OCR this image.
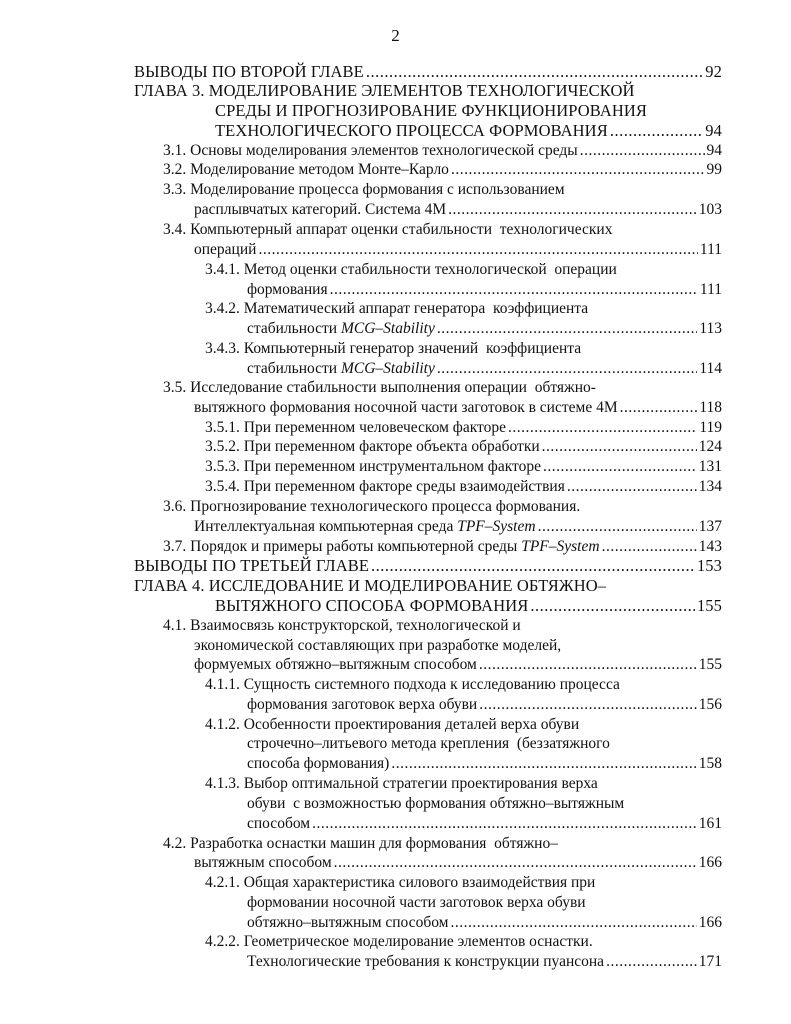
2
ВЫВОДЫ ПО ВТОРОЙ ГЛАВЕ .....	92
ГЛАВА 3. МОДЕЛИРОВАНИЕ ЭЛЕМЕНТОВ ТЕХНОЛОГИЧЕСКОЙ
СРЕДЫ И ПРОГНОЗИРОВАНИЕ ФУНКЦИОНИРОВАНИЯ
ТЕХНОЛОГИЧЕСКОГО ПРОЦЕССА ФОРМОВАНИЯ .....	94
3.1. Основы моделирования элементов технологической среды .....	94
3.2. Моделирование методом Монте–Карло .....	99
3.3. Моделирование процесса формования с использованием
расплывчатых категорий. Система 4М .....	103
3.4. Компьютерный аппарат оценки стабильности  технологических
операций .....	111
3.4.1. Метод оценки стабильности технологической  операции
формования .....	111
3.4.2. Математический аппарат генератора  коэффициента
стабильности MCG–Stability .....	113
3.4.3. Компьютерный генератор значений  коэффициента
стабильности MCG–Stability .....	114
3.5. Исследование стабильности выполнения операции  обтяжно-
вытяжного формования носочной части заготовок в системе 4М .....	118
3.5.1. При переменном человеческом факторе .....	119
3.5.2. При переменном факторе объекта обработки .....	124
3.5.3. При переменном инструментальном факторе .....	131
3.5.4. При переменном факторе среды взаимодействия .....	134
3.6. Прогнозирование технологического процесса формования.
Интеллектуальная компьютерная среда TPF–System .....	137
3.7. Порядок и примеры работы компьютерной среды TPF–System .....	143
ВЫВОДЫ ПО ТРЕТЬЕЙ ГЛАВЕ .....	153
ГЛАВА 4. ИССЛЕДОВАНИЕ И МОДЕЛИРОВАНИЕ ОБТЯЖНО–
ВЫТЯЖНОГО СПОСОБА ФОРМОВАНИЯ .....	155
4.1. Взаимосвязь конструкторской, технологической и
экономической составляющих при разработке моделей,
формуемых обтяжно–вытяжным способом .....	155
4.1.1. Сущность системного подхода к исследованию процесса
формования заготовок верха обуви .....	156
4.1.2. Особенности проектирования деталей верха обуви
строчечно–литьевого метода крепления  (беззатяжного
способа формования) .....	158
4.1.3. Выбор оптимальной стратегии проектирования верха
обуви  с возможностью формования обтяжно–вытяжным
способом .....	161
4.2. Разработка оснастки машин для формования  обтяжно–
вытяжным способом .....	166
4.2.1. Общая характеристика силового взаимодействия при
формовании носочной части заготовок верха обуви
обтяжно–вытяжным способом .....	166
4.2.2. Геометрическое моделирование элементов оснастки.
Технологические требования к конструкции пуансона .....	171
